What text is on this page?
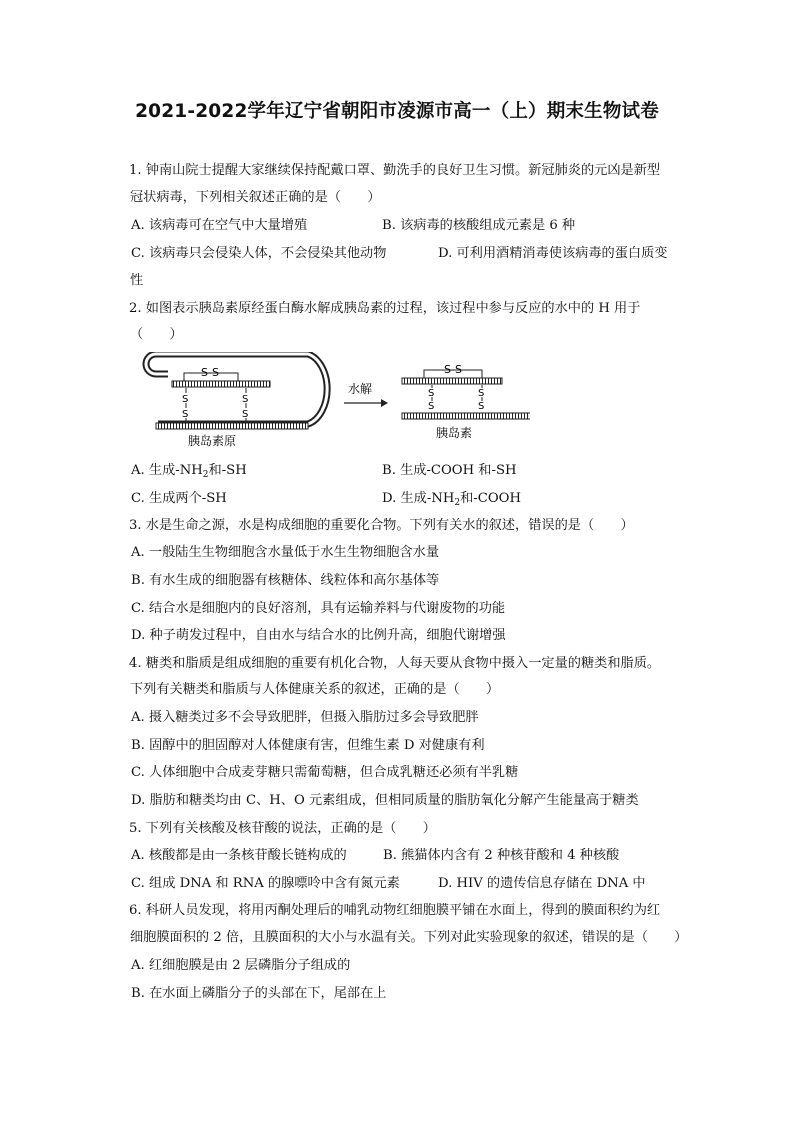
2021-2022学年辽宁省朝阳市凌源市高一（上）期末生物试卷
1. 钟南山院士提醒大家继续保持配戴口罩、勤洗手的良好卫生习惯。新冠肺炎的元凶是新型
冠状病毒，下列相关叙述正确的是（　　）
A. 该病毒可在空气中大量增殖	B. 该病毒的核酸组成元素是 6 种
C. 该病毒只会侵染人体，不会侵染其他动物	D. 可利用酒精消毒使该病毒的蛋白质变
性
2. 如图表示胰岛素原经蛋白酶水解成胰岛素的过程，该过程中参与反应的水中的 H 用于
（　　）
S-S
S
S
S
S
胰岛素原
水解
S-S
S
S
S
S
胰岛素
A. 生成$-NH_2$和-SH	B. 生成-COOH 和-SH
C. 生成两个-SH	D. 生成$-NH_2$和-COOH
3. 水是生命之源，水是构成细胞的重要化合物。下列有关水的叙述，错误的是（　　）
A. 一般陆生生物细胞含水量低于水生生物细胞含水量
B. 有水生成的细胞器有核糖体、线粒体和高尔基体等
C. 结合水是细胞内的良好溶剂，具有运输养料与代谢废物的功能
D. 种子萌发过程中，自由水与结合水的比例升高，细胞代谢增强
4. 糖类和脂质是组成细胞的重要有机化合物，人每天要从食物中摄入一定量的糖类和脂质。
下列有关糖类和脂质与人体健康关系的叙述，正确的是（　　）
A. 摄入糖类过多不会导致肥胖，但摄入脂肪过多会导致肥胖
B. 固醇中的胆固醇对人体健康有害，但维生素 D 对健康有利
C. 人体细胞中合成麦芽糖只需葡萄糖，但合成乳糖还必须有半乳糖
D. 脂肪和糖类均由 C、H、O 元素组成，但相同质量的脂肪氧化分解产生能量高于糖类
5. 下列有关核酸及核苷酸的说法，正确的是（　　）
A. 核酸都是由一条核苷酸长链构成的	B. 熊猫体内含有 2 种核苷酸和 4 种核酸
C. 组成 DNA 和 RNA 的腺嘌呤中含有氮元素	D. HIV 的遗传信息存储在 DNA 中
6. 科研人员发现，将用丙酮处理后的哺乳动物红细胞膜平铺在水面上，得到的膜面积约为红
细胞膜面积的 2 倍，且膜面积的大小与水温有关。下列对此实验现象的叙述，错误的是（　　）
A. 红细胞膜是由 2 层磷脂分子组成的
B. 在水面上磷脂分子的头部在下，尾部在上
